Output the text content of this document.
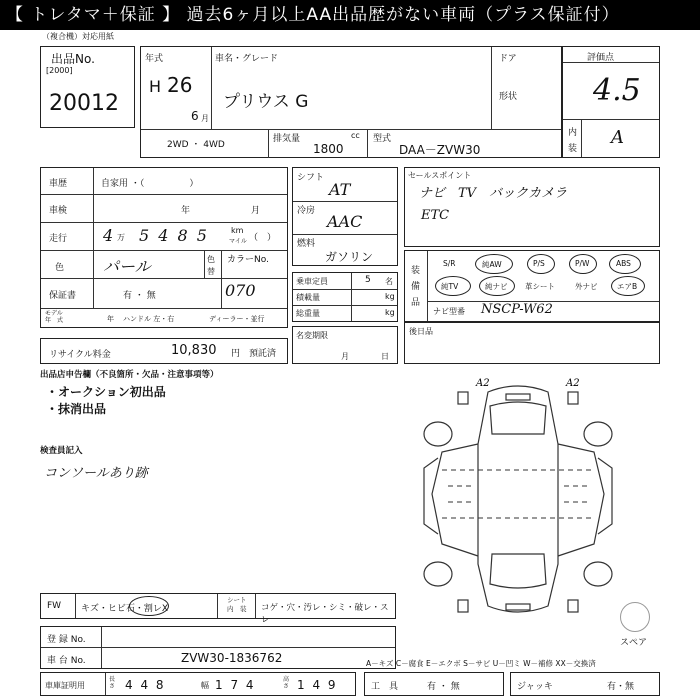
【 トレタマ＋保証 】 過去6ヶ月以上AA出品歴がない車両（プラス保証付）
（複合機）対応用紙
出品No.
[2000]
20012
年式
H 26
6 月
車名・グレード
プリウス G
ドア
形状
2WD ・ 4WD
排気量	cc
1800
型式
DAA－ZVW30
評価点
4.5
内
装
A
車歴	自家用 ・（　　　　　）
車検	年	月
走行 4 万 5 4 8 5	km
マイル （　）
色 パール	色
替
カラーNo.
070
保証書	有 ・ 無
モデル
年　式	年 ハンドル 左・右	ディーラー・並行
リサイクル料金	10,830 円 預託済
シフト
AT
冷房
AAC
燃料
ガソリン
乗車定員	5 名
積載量	kg
総重量	kg
名変期限
月	日
セールスポイント
ナビ　TV　バックカメラ
ETC
装
備
品
S/R	純AW	P/S	P/W	ABS
純TV	純ナビ 革シート	外ナビ	エアB
ナビ型番 NSCP-W62
後日品
出品店申告欄（不良箇所・欠品・注意事項等）
・オークション初出品
・抹消出品
検査員記入
コンソールあり跡
A2	A2
FW キズ・ヒビ石・割レX
シート
内　装 コゲ・穴・汚レ・シミ・破レ・スレ
スペア
登 録 No.
車 台 No.	ZVW30-1836762	A－キズ C－腐食 E－エクボ S－サビ U－凹ミ W－補修 XX－交換済
車庫証明用
長さ 4 4 8	幅 1 7 4	高さ 1 4 9	工　具	有 ・ 無	ジャッキ	有・無
